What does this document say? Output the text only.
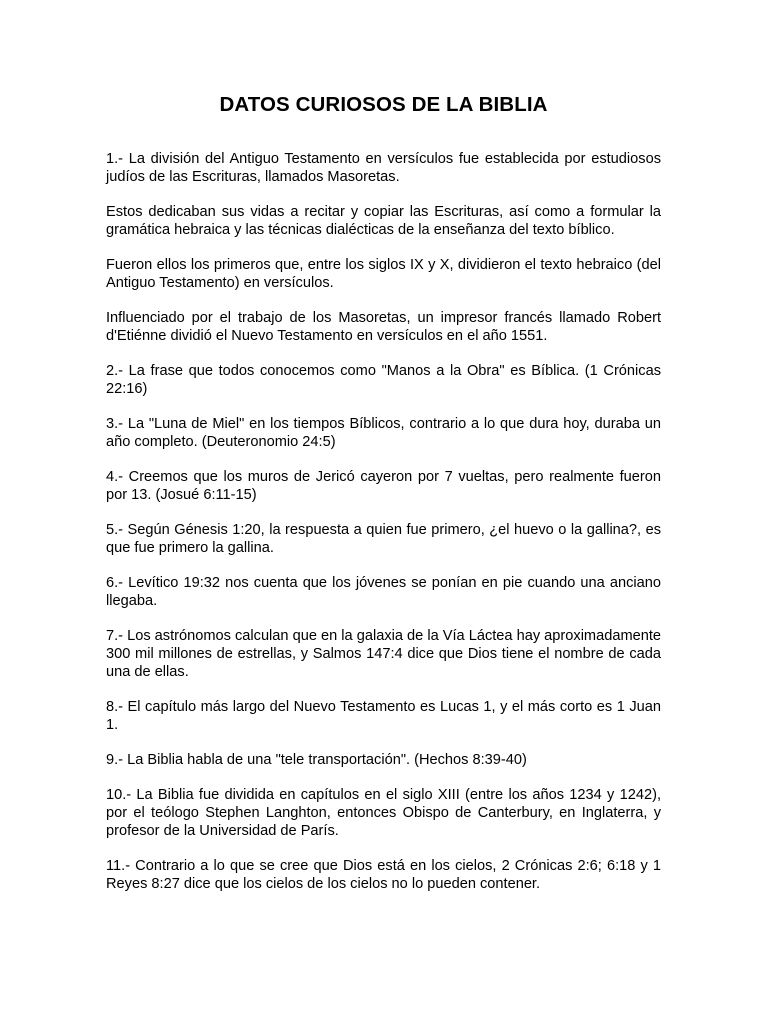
DATOS CURIOSOS DE LA BIBLIA

1.- La división del Antiguo Testamento en versículos fue establecida por estudiosos judíos de las Escrituras, llamados Masoretas.

Estos dedicaban sus vidas a recitar y copiar las Escrituras, así como a formular la gramática hebraica y las técnicas dialécticas de la enseñanza del texto bíblico.

Fueron ellos los primeros que, entre los siglos IX y X, dividieron el texto hebraico (del Antiguo Testamento) en versículos.

Influenciado por el trabajo de los Masoretas, un impresor francés llamado Robert d'Etiénne dividió el Nuevo Testamento en versículos en el año 1551.

2.- La frase que todos conocemos como "Manos a la Obra" es Bíblica. (1 Crónicas 22:16)

3.- La "Luna de Miel" en los tiempos Bíblicos, contrario a lo que dura hoy, duraba un año completo. (Deuteronomio 24:5)

4.- Creemos que los muros de Jericó cayeron por 7 vueltas, pero realmente fueron por 13. (Josué 6:11-15)

5.- Según Génesis 1:20, la respuesta a quien fue primero, ¿el huevo o la gallina?, es que fue primero la gallina.

6.- Levítico 19:32 nos cuenta que los jóvenes se ponían en pie cuando una anciano llegaba.

7.- Los astrónomos calculan que en la galaxia de la Vía Láctea hay aproximadamente 300 mil millones de estrellas, y Salmos 147:4 dice que Dios tiene el nombre de cada una de ellas.

8.- El capítulo más largo del Nuevo Testamento es Lucas 1, y el más corto es 1 Juan 1.

9.- La Biblia habla de una "tele transportación". (Hechos 8:39-40)

10.- La Biblia fue dividida en capítulos en el siglo XIII (entre los años 1234 y 1242), por el teólogo Stephen Langhton, entonces Obispo de Canterbury, en Inglaterra, y profesor de la Universidad de París.

11.- Contrario a lo que se cree que Dios está en los cielos, 2 Crónicas 2:6; 6:18 y 1 Reyes 8:27 dice que los cielos de los cielos no lo pueden contener.
